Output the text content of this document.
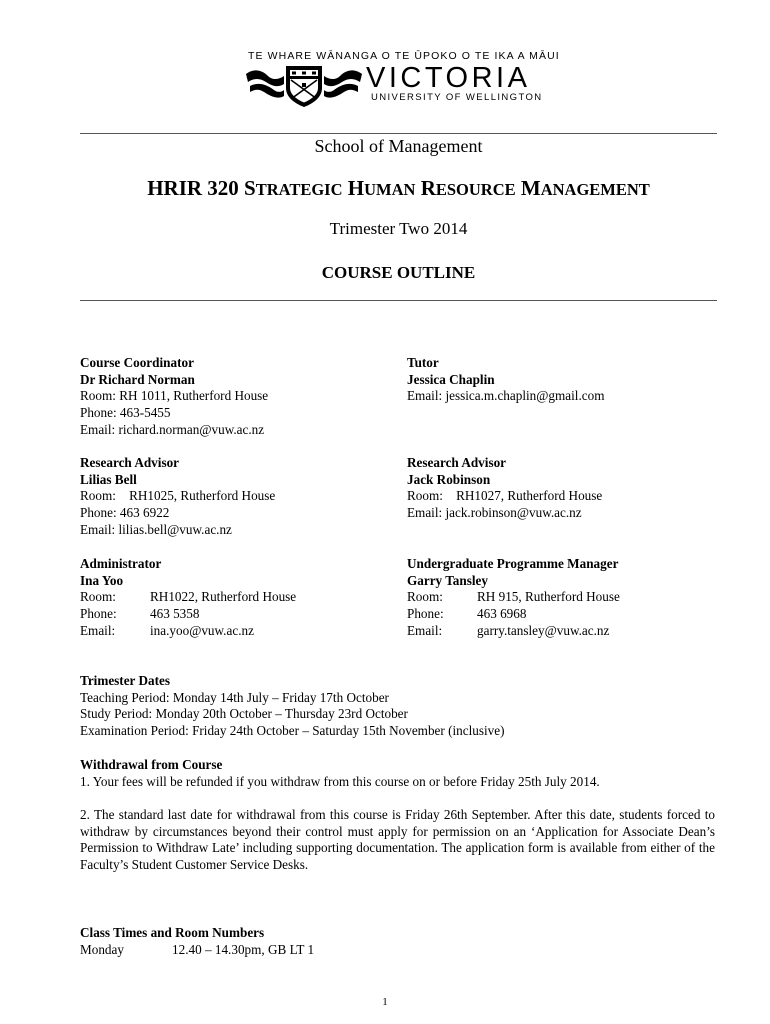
TE WHARE WĀNANGA O TE ŪPOKO O TE IKA A MĀUI
VICTORIA
UNIVERSITY OF WELLINGTON
School of Management
HRIR 320 STRATEGIC HUMAN RESOURCE MANAGEMENT
Trimester Two 2014
COURSE OUTLINE
Course Coordinator
Dr Richard Norman
Room: RH 1011, Rutherford House
Phone: 463-5455
Email: richard.norman@vuw.ac.nz
Research Advisor
Lilias Bell
Room: RH1025, Rutherford House
Phone: 463 6922
Email: lilias.bell@vuw.ac.nz
Administrator
Ina Yoo
Room:	RH1022, Rutherford House
Phone:	463 5358
Email:	ina.yoo@vuw.ac.nz
Tutor
Jessica Chaplin
Email: jessica.m.chaplin@gmail.com
Research Advisor
Jack Robinson
Room: RH1027, Rutherford House
Email: jack.robinson@vuw.ac.nz
Undergraduate Programme Manager
Garry Tansley
Room:	RH 915, Rutherford House
Phone:	463 6968
Email:	garry.tansley@vuw.ac.nz
Trimester Dates
Teaching Period: Monday 14th July – Friday 17th October
Study Period: Monday 20th October – Thursday 23rd October
Examination Period: Friday 24th October – Saturday 15th November (inclusive)
Withdrawal from Course
1. Your fees will be refunded if you withdraw from this course on or before Friday 25th July 2014.
2. The standard last date for withdrawal from this course is Friday 26th September. After this date, students forced to withdraw by circumstances beyond their control must apply for permission on an ‘Application for Associate Dean’s Permission to Withdraw Late’ including supporting documentation. The application form is available from either of the Faculty’s Student Customer Service Desks.
Class Times and Room Numbers
Monday	12.40 – 14.30pm, GB LT 1
1
